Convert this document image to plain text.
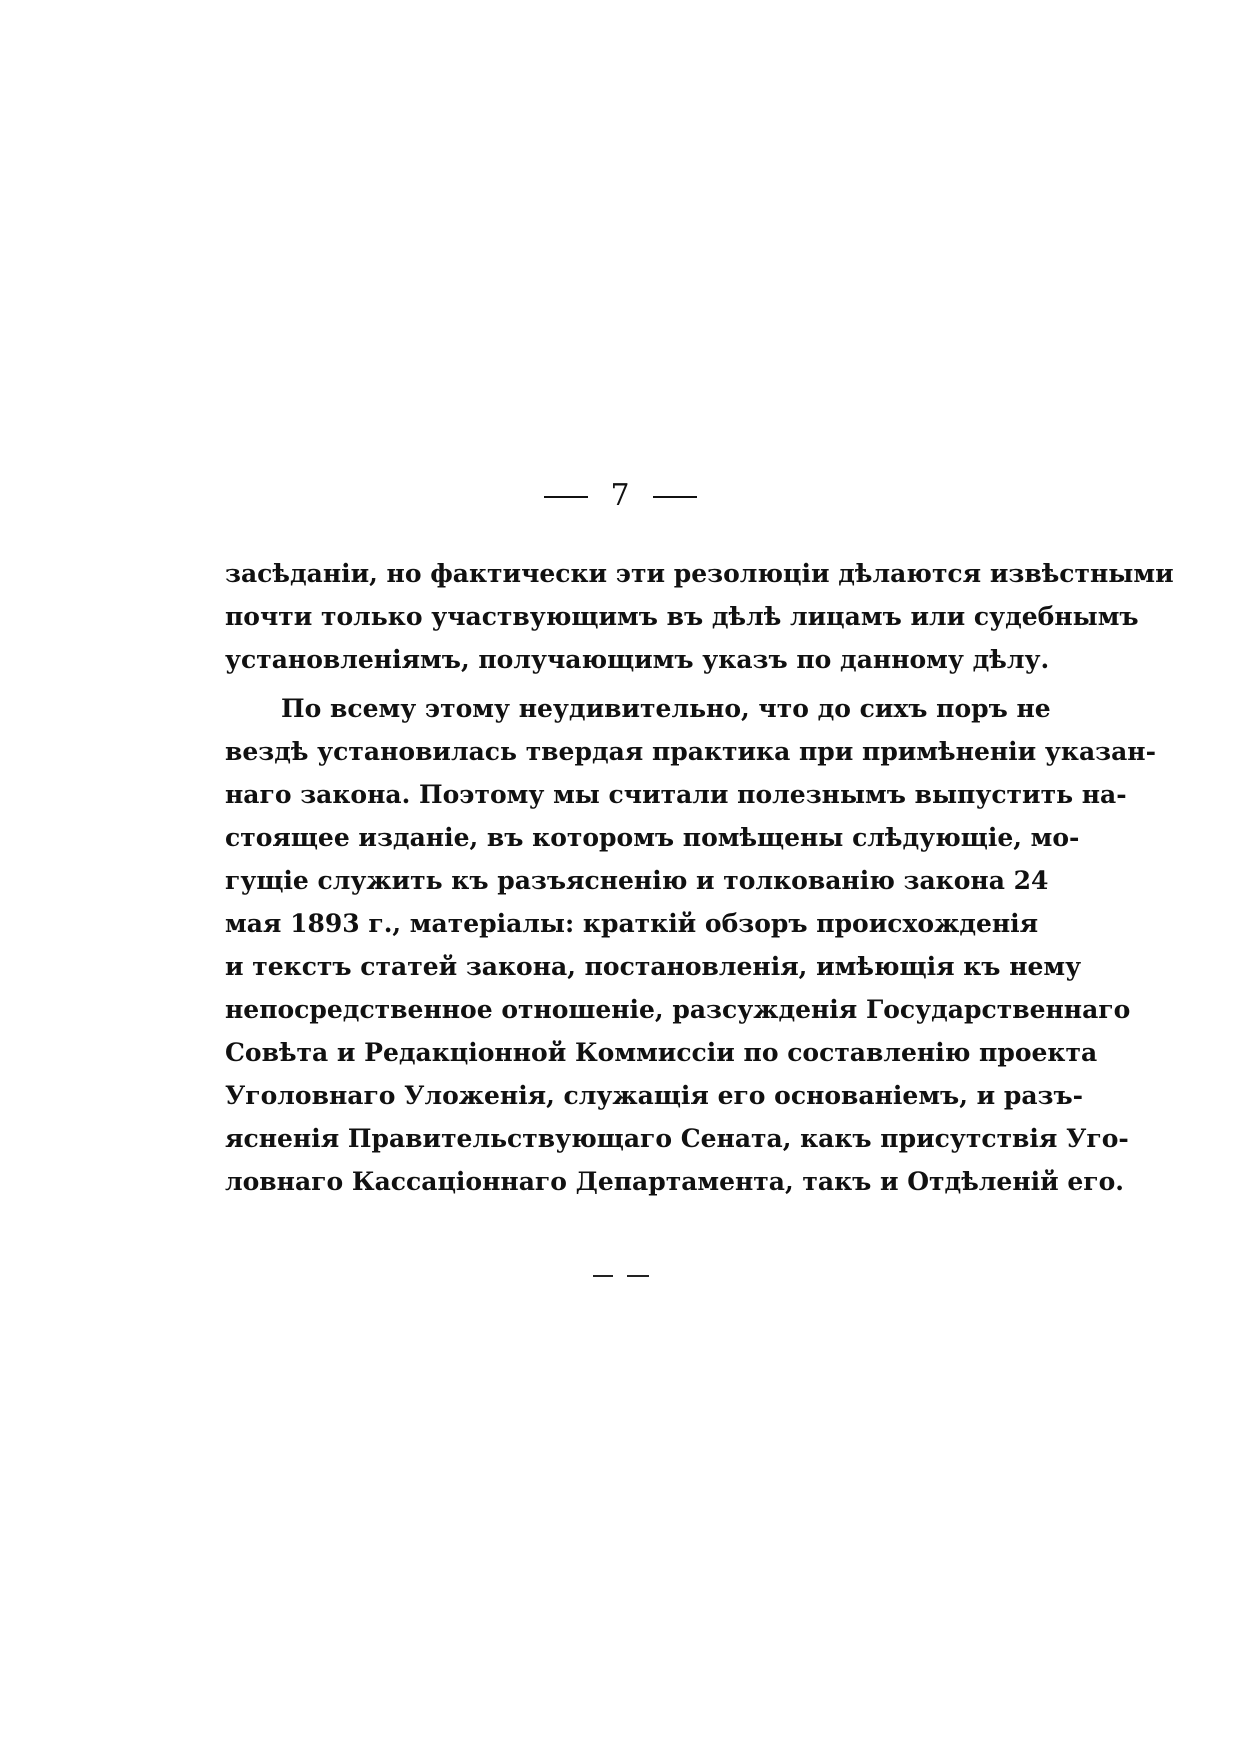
7
засѣданіи, но фактически эти резолюціи дѣлаются извѣстными
почти только участвующимъ въ дѣлѣ лицамъ или судебнымъ
установленіямъ, получающимъ указъ по данному дѣлу.
По всему этому неудивительно, что до сихъ поръ не
вездѣ установилась твердая практика при примѣненіи указан-
наго закона. Поэтому мы считали полезнымъ выпустить на-
стоящее изданіе, въ которомъ помѣщены слѣдующіе, мо-
гущіе служить къ разъясненію и толкованію закона 24
мая 1893 г., матеріалы: краткій обзоръ происхожденія
и текстъ статей закона, постановленія, имѣющія къ нему
непосредственное отношеніе, разсужденія Государственнаго
Совѣта и Редакціонной Коммиссіи по составленію проекта
Уголовнаго Уложенія, служащія его основаніемъ, и разъ-
ясненія Правительствующаго Сената, какъ присутствія Уго-
ловнаго Кассаціоннаго Департамента, такъ и Отдѣленій его.
